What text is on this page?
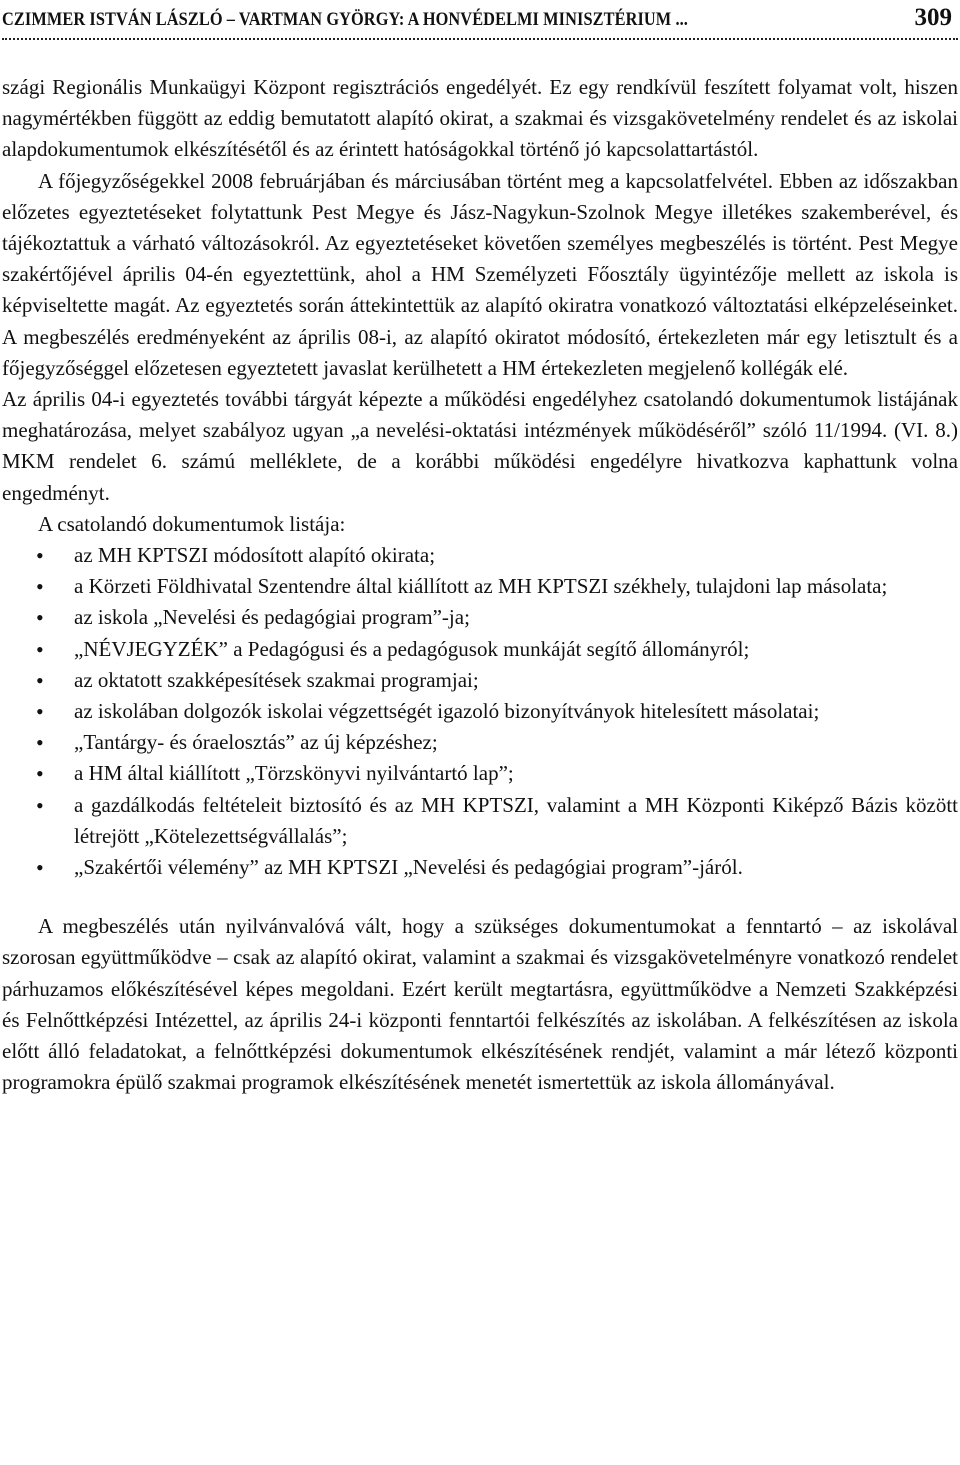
CZIMMER ISTVÁN LÁSZLÓ – VARTMAN GYÖRGY: A HONVÉDELMI MINISZTÉRIUM ...	309

szági Regionális Munkaügyi Központ regisztrációs engedélyét. Ez egy rendkívül feszített folyamat volt, hiszen nagymértékben függött az eddig bemutatott alapító okirat, a szakmai és vizsgakövetelmény rendelet és az iskolai alapdokumentumok elkészítésétől és az érintett hatóságokkal történő jó kapcsolattartástól.

A főjegyzőségekkel 2008 februárjában és márciusában történt meg a kapcsolatfelvétel. Ebben az időszakban előzetes egyeztetéseket folytattunk Pest Megye és Jász-Nagykun-Szolnok Megye illetékes szakemberével, és tájékoztattuk a várható változásokról. Az egyeztetéseket követően személyes megbeszélés is történt. Pest Megye szakértőjével április 04-én egyeztettünk, ahol a HM Személyzeti Főosztály ügyintézője mellett az iskola is képviseltette magát. Az egyeztetés során áttekintettük az alapító okiratra vonatkozó változtatási elképzeléseinket. A megbeszélés eredményeként az április 08-i, az alapító okiratot módosító, értekezleten már egy letisztult és a főjegyzőséggel előzetesen egyeztetett javaslat kerülhetett a HM értekezleten megjelenő kollégák elé.

Az április 04-i egyeztetés további tárgyát képezte a működési engedélyhez csatolandó dokumentumok listájának meghatározása, melyet szabályoz ugyan „a nevelési-oktatási intézmények működéséről” szóló 11/1994. (VI. 8.) MKM rendelet 6. számú melléklete, de a korábbi működési engedélyre hivatkozva kaphattunk volna engedményt.

A csatolandó dokumentumok listája:

• az MH KPTSZI módosított alapító okirata;
• a Körzeti Földhivatal Szentendre által kiállított az MH KPTSZI székhely, tulajdoni lap másolata;
• az iskola „Nevelési és pedagógiai program”-ja;
• „NÉVJEGYZÉK” a Pedagógusi és a pedagógusok munkáját segítő állományról;
• az oktatott szakképesítések szakmai programjai;
• az iskolában dolgozók iskolai végzettségét igazoló bizonyítványok hitelesített másolatai;
• „Tantárgy- és óraelosztás” az új képzéshez;
• a HM által kiállított „Törzskönyvi nyilvántartó lap”;
• a gazdálkodás feltételeit biztosító és az MH KPTSZI, valamint a MH Központi Kiképző Bázis között létrejött „Kötelezettségvállalás”;
• „Szakértői vélemény” az MH KPTSZI „Nevelési és pedagógiai program”-járól.

A megbeszélés után nyilvánvalóvá vált, hogy a szükséges dokumentumokat a fenntartó – az iskolával szorosan együttműködve – csak az alapító okirat, valamint a szakmai és vizsgakövetelményre vonatkozó rendelet párhuzamos előkészítésével képes megoldani. Ezért került megtartásra, együttműködve a Nemzeti Szakképzési és Felnőttképzési Intézettel, az április 24-i központi fenntartói felkészítés az iskolában. A felkészítésen az iskola előtt álló feladatokat, a felnőttképzési dokumentumok elkészítésének rendjét, valamint a már létező központi programokra épülő szakmai programok elkészítésének menetét ismertettük az iskola állományával.
